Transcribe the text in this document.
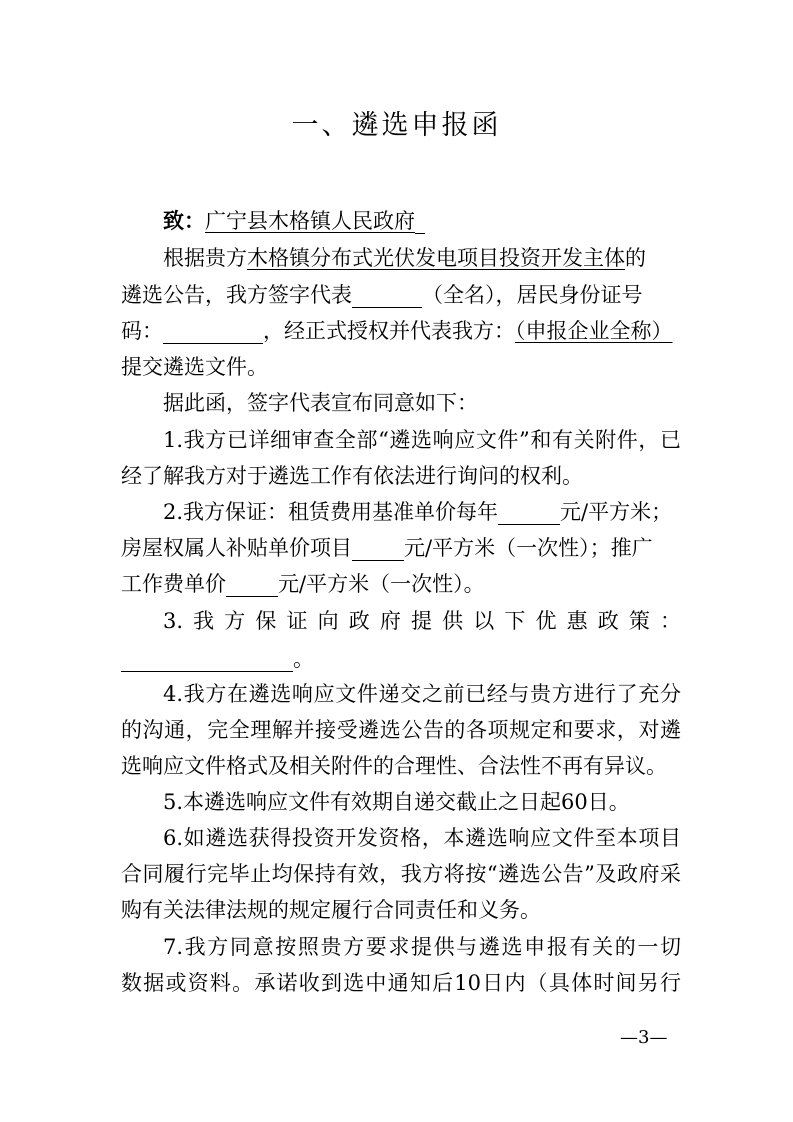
一、遴选申报函
致：广宁县木格镇人民政府
根据贵方木格镇分布式光伏发电项目投资开发主体的
遴选公告，我方签字代表	（全名），居民身份证号
码：	，经正式授权并代表我方：（申报企业全称）
提交遴选文件。
据此函，签字代表宣布同意如下：
1.我方已详细审查全部“遴选响应文件”和有关附件，已
经了解我方对于遴选工作有依法进行询问的权利。
2.我方保证：租赁费用基准单价每年	元/平方米；
房屋权属人补贴单价项目 元/平方米（一次性）；推广
工作费单价 元/平方米（一次性）。
3.我方保证向政府提供以下优惠政策：
。
4.我方在遴选响应文件递交之前已经与贵方进行了充分
的沟通，完全理解并接受遴选公告的各项规定和要求，对遴
选响应文件格式及相关附件的合理性、合法性不再有异议。
5.本遴选响应文件有效期自递交截止之日起60日。
6.如遴选获得投资开发资格，本遴选响应文件至本项目
合同履行完毕止均保持有效，我方将按“遴选公告”及政府采
购有关法律法规的规定履行合同责任和义务。
7.我方同意按照贵方要求提供与遴选申报有关的一切
数据或资料。承诺收到选中通知后10日内（具体时间另行
—3—
